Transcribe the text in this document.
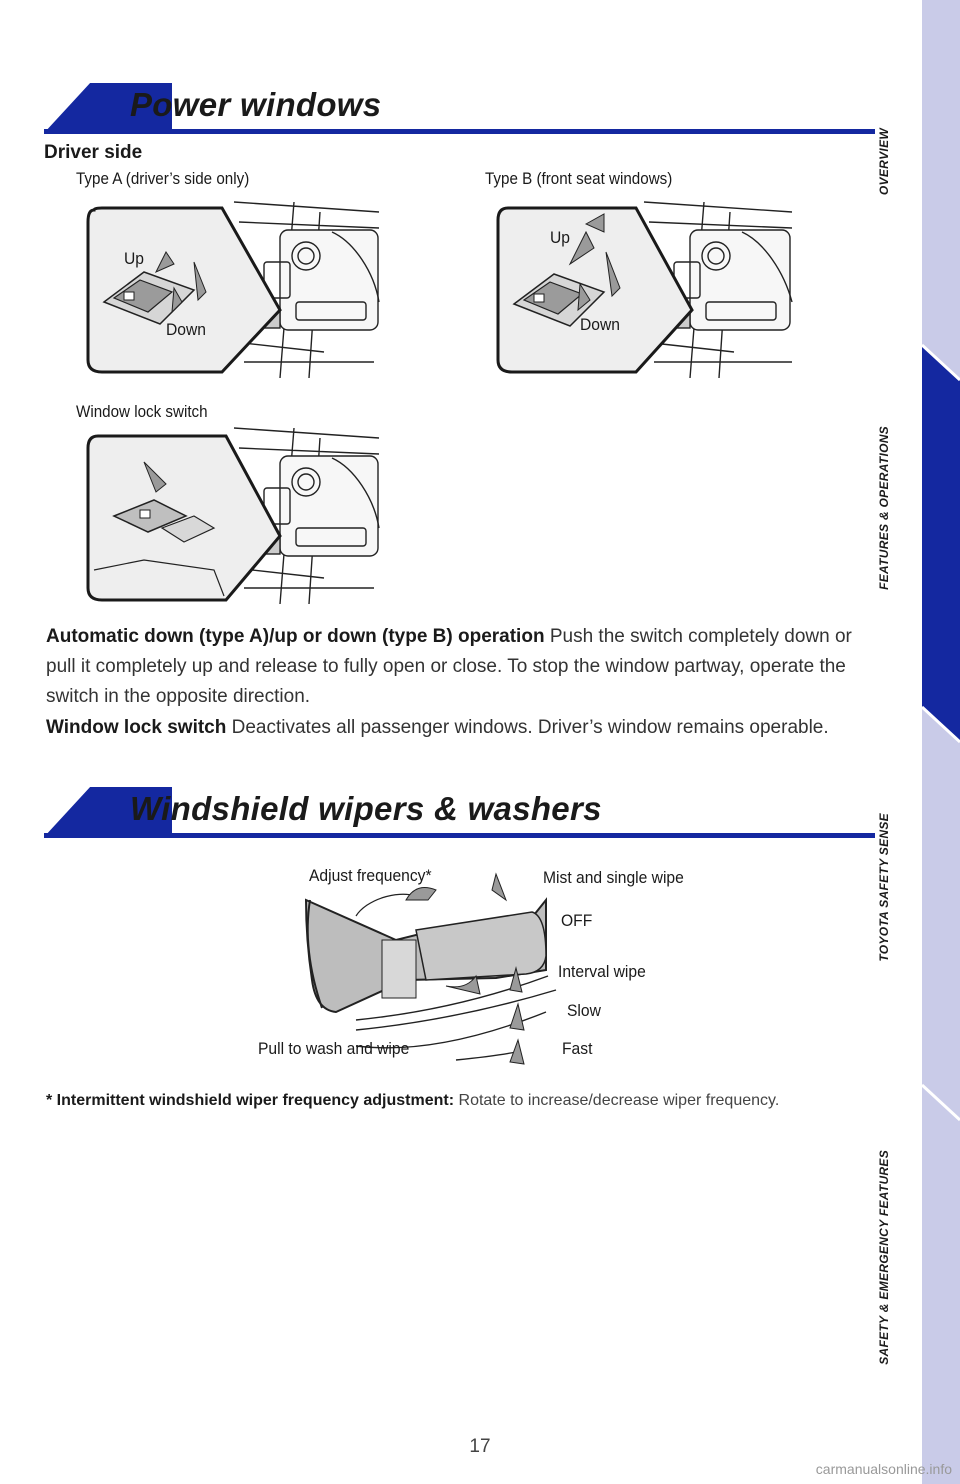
OVERVIEW
FEATURES & OPERATIONS
TOYOTA SAFETY SENSE
SAFETY & EMERGENCY FEATURES
Power windows
Driver side
Type A (driver’s side only)	Type B (front seat windows)
Up
Down
Up
Down
Window lock switch
Automatic down (type A)/up or down (type B) operation Push the switch completely down or pull it completely up and release to fully open or close. To stop the window partway, operate the switch in the opposite direction.
Window lock switch Deactivates all passenger windows. Driver’s window remains operable.
Windshield wipers & washers
Adjust frequency*	Mist and single wipe
OFF
Interval wipe
Slow
Fast
Pull to wash and wipe
* Intermittent windshield wiper frequency adjustment: Rotate to increase/decrease wiper frequency.
17
carmanualsonline.info
